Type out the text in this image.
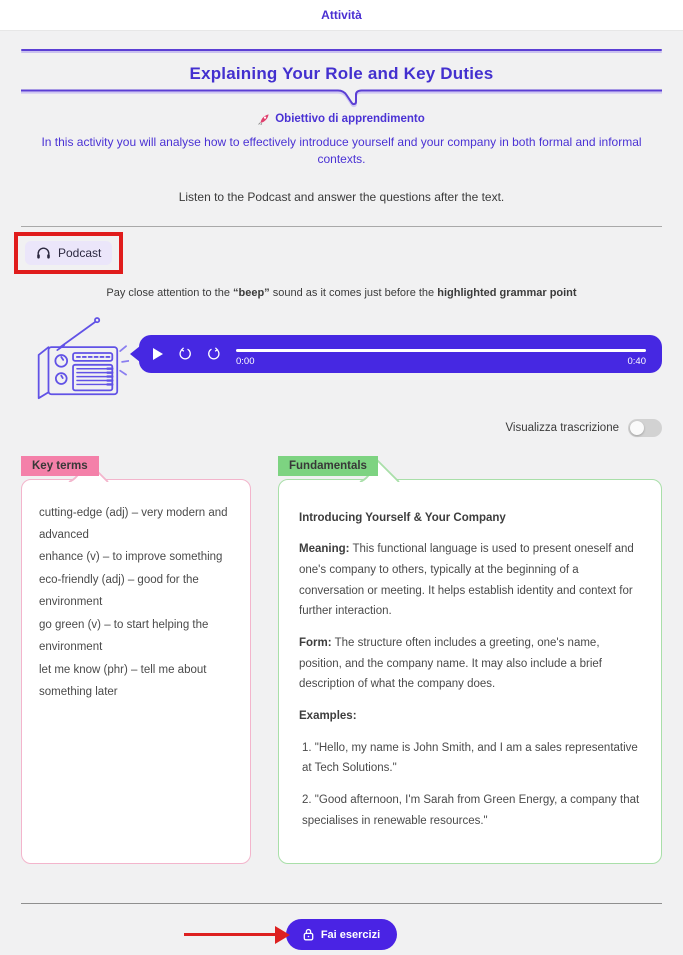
Attività
Explaining Your Role and Key Duties
Obiettivo di apprendimento
In this activity you will analyse how to effectively introduce yourself and your company in both formal and informal contexts.
Listen to the Podcast and answer the questions after the text.
Podcast
Pay close attention to the “beep” sound as it comes just before the highlighted grammar point
0:00	0:40
Visualizza trascrizione
Key terms
cutting-edge (adj) – very modern and advanced
enhance (v) – to improve something
eco-friendly (adj) – good for the environment
go green (v) – to start helping the environment
let me know (phr) – tell me about something later
Fundamentals

Introducing Yourself & Your Company

Meaning: This functional language is used to present oneself and one's company to others, typically at the beginning of a conversation or meeting. It helps establish identity and context for further interaction.

Form: The structure often includes a greeting, one's name, position, and the company name. It may also include a brief description of what the company does.

Examples:

1. "Hello, my name is John Smith, and I am a sales representative at Tech Solutions."

2. "Good afternoon, I'm Sarah from Green Energy, a company that specialises in renewable resources."

Fai esercizi
